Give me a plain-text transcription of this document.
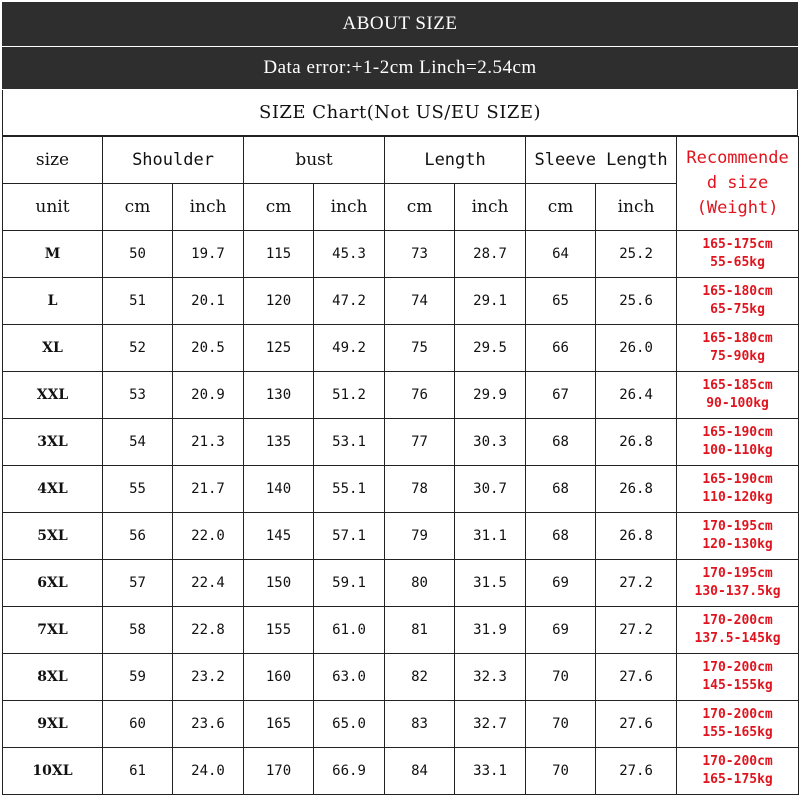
ABOUT SIZE
Data error:+1-2cm Linch=2.54cm
SIZE Chart(Not US/EU SIZE)
size	Shoulder		bust		Length		Sleeve Length		Recommende
d size
(Weight)

unit	cm	inch	cm	inch	cm	inch	cm	inch	
M	50	19.7	115	45.3	73	28.7	64	25.2	165-175cm
55-65kg

L	51	20.1	120	47.2	74	29.1	65	25.6	165-180cm
65-75kg

XL	52	20.5	125	49.2	75	29.5	66	26.0	165-180cm
75-90kg

XXL	53	20.9	130	51.2	76	29.9	67	26.4	165-185cm
90-100kg

3XL	54	21.3	135	53.1	77	30.3	68	26.8	165-190cm
100-110kg

4XL	55	21.7	140	55.1	78	30.7	68	26.8	165-190cm
110-120kg

5XL	56	22.0	145	57.1	79	31.1	68	26.8	170-195cm
120-130kg

6XL	57	22.4	150	59.1	80	31.5	69	27.2	170-195cm
130-137.5kg

7XL	58	22.8	155	61.0	81	31.9	69	27.2	170-200cm
137.5-145kg

8XL	59	23.2	160	63.0	82	32.3	70	27.6	170-200cm
145-155kg

9XL	60	23.6	165	65.0	83	32.7	70	27.6	170-200cm
155-165kg

10XL	61	24.0	170	66.9	84	33.1	70	27.6	170-200cm
165-175kg
